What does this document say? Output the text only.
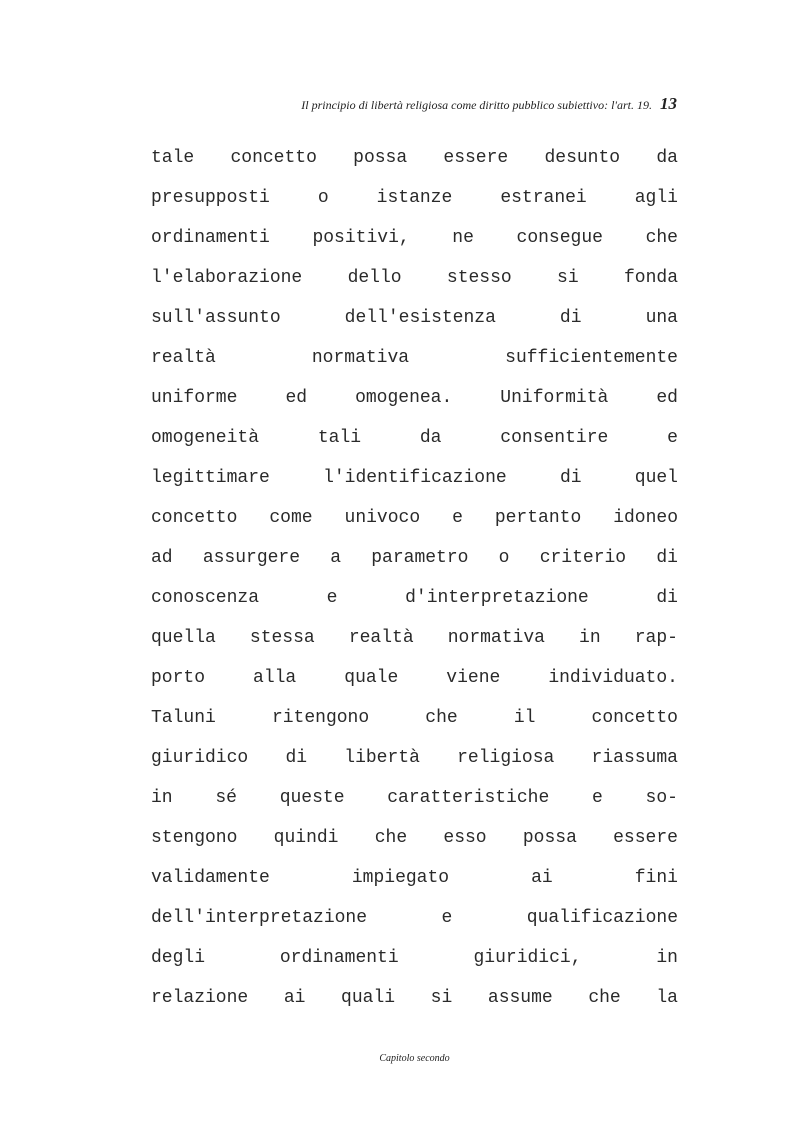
Il principio di libertà religiosa come diritto pubblico subiettivo: l'art. 19. 13
tale concetto possa essere desunto da
presupposti	o	istanze	estranei	agli
ordinamenti positivi, ne consegue che
l'elaborazione	dello	stesso	si	fonda
sull'assunto	dell'esistenza	di	una
realtà	normativa	sufficientemente
uniforme	ed	omogenea.	Uniformità	ed
omogeneità	tali	da	consentire	e
legittimare	l'identificazione	di	quel
concetto come univoco e pertanto idoneo
ad assurgere a parametro o criterio di
conoscenza	e	d'interpretazione	di
quella stessa realtà normativa in rap-
porto	alla	quale	viene	individuato.
Taluni	ritengono	che	il	concetto
giuridico di libertà religiosa riassuma
in sé queste caratteristiche e so-
stengono quindi che esso possa essere
validamente	impiegato	ai	fini
dell'interpretazione	e	qualificazione
degli	ordinamenti	giuridici,	in
relazione ai quali si assume che la
Capitolo secondo
